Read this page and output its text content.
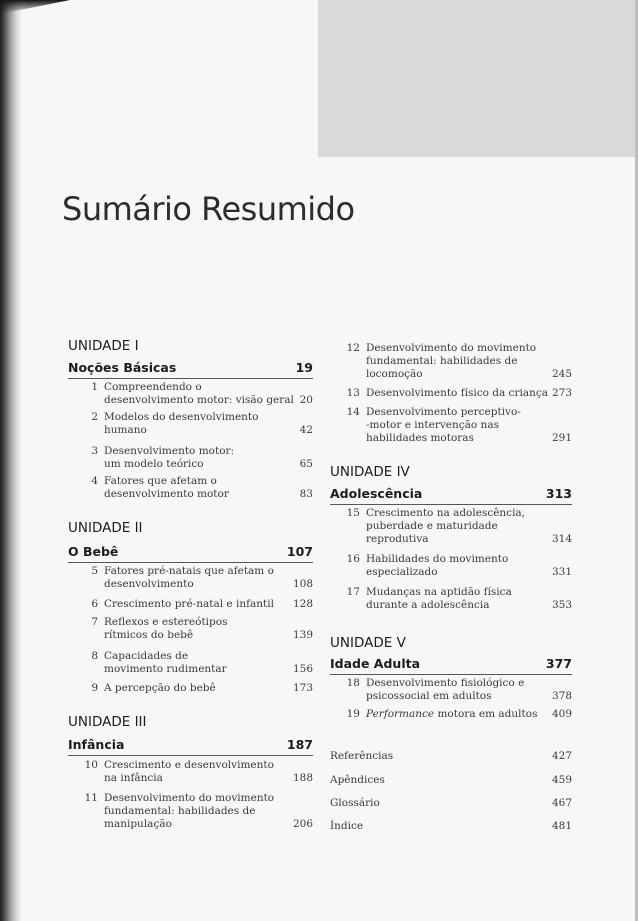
Sumário Resumido
UNIDADE I
Noções Básicas	19
1 Compreendendo o
desenvolvimento motor: visão geral 20
2 Modelos do desenvolvimento
humano	42
3 Desenvolvimento motor:
um modelo teórico	65
4 Fatores que afetam o
desenvolvimento motor	83
UNIDADE II
O Bebê	107
5 Fatores pré-natais que afetam o
desenvolvimento	108
6 Crescimento pré-natal e infantil 128
7 Reflexos e estereótipos
rítmicos do bebê	139
8 Capacidades de
movimento rudimentar	156
9 A percepção do bebê	173
UNIDADE III
Infância	187
10 Crescimento e desenvolvimento
na infância	188
11 Desenvolvimento do movimento
fundamental: habilidades de
manipulação	206
12 Desenvolvimento do movimento
fundamental: habilidades de
locomoção	245
13 Desenvolvimento físico da criança 273
14 Desenvolvimento perceptivo-
-motor e intervenção nas
habilidades motoras	291
UNIDADE IV
Adolescência	313
15 Crescimento na adolescência,
puberdade e maturidade
reprodutiva	314
16 Habilidades do movimento
especializado	331
17 Mudanças na aptidão física
durante a adolescência	353
UNIDADE V
Idade Adulta	377
18 Desenvolvimento fisiológico e
psicossocial em adultos	378
19 Performance motora em adultos 409
Referências	427
Apêndices	459
Glossário	467
Índice	481
